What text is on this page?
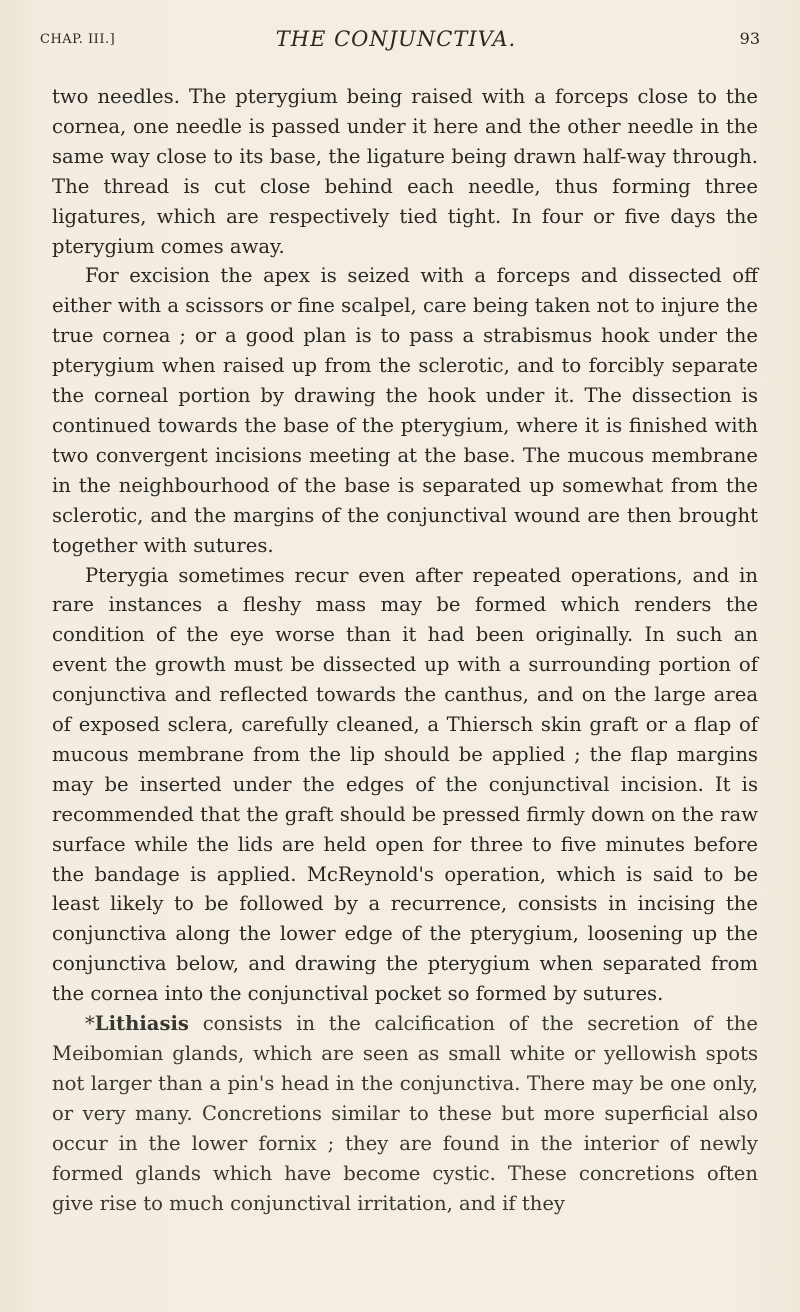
CHAP. III.]	THE CONJUNCTIVA.	93

two needles. The pterygium being raised with a forceps close to the cornea, one needle is passed under it here and the other needle in the same way close to its base, the ligature being drawn half-way through. The thread is cut close behind each needle, thus forming three ligatures, which are respectively tied tight. In four or five days the pterygium comes away.

For excision the apex is seized with a forceps and dissected off either with a scissors or fine scalpel, care being taken not to injure the true cornea ; or a good plan is to pass a strabismus hook under the pterygium when raised up from the sclerotic, and to forcibly separate the corneal portion by drawing the hook under it. The dissection is continued towards the base of the pterygium, where it is finished with two convergent incisions meeting at the base. The mucous membrane in the neighbourhood of the base is separated up somewhat from the sclerotic, and the margins of the conjunctival wound are then brought together with sutures.

Pterygia sometimes recur even after repeated operations, and in rare instances a fleshy mass may be formed which renders the condition of the eye worse than it had been originally. In such an event the growth must be dissected up with a surrounding portion of conjunctiva and reflected towards the canthus, and on the large area of exposed sclera, carefully cleaned, a Thiersch skin graft or a flap of mucous membrane from the lip should be applied ; the flap margins may be inserted under the edges of the conjunctival incision. It is recommended that the graft should be pressed firmly down on the raw surface while the lids are held open for three to five minutes before the bandage is applied. McReynold's operation, which is said to be least likely to be followed by a recurrence, consists in incising the conjunctiva along the lower edge of the pterygium, loosening up the conjunctiva below, and drawing the pterygium when separated from the cornea into the conjunctival pocket so formed by sutures.

*Lithiasis consists in the calcification of the secretion of the Meibomian glands, which are seen as small white or yellowish spots not larger than a pin's head in the conjunctiva. There may be one only, or very many. Concretions similar to these but more superficial also occur in the lower fornix ; they are found in the interior of newly formed glands which have become cystic. These concretions often give rise to much conjunctival irritation, and if they
